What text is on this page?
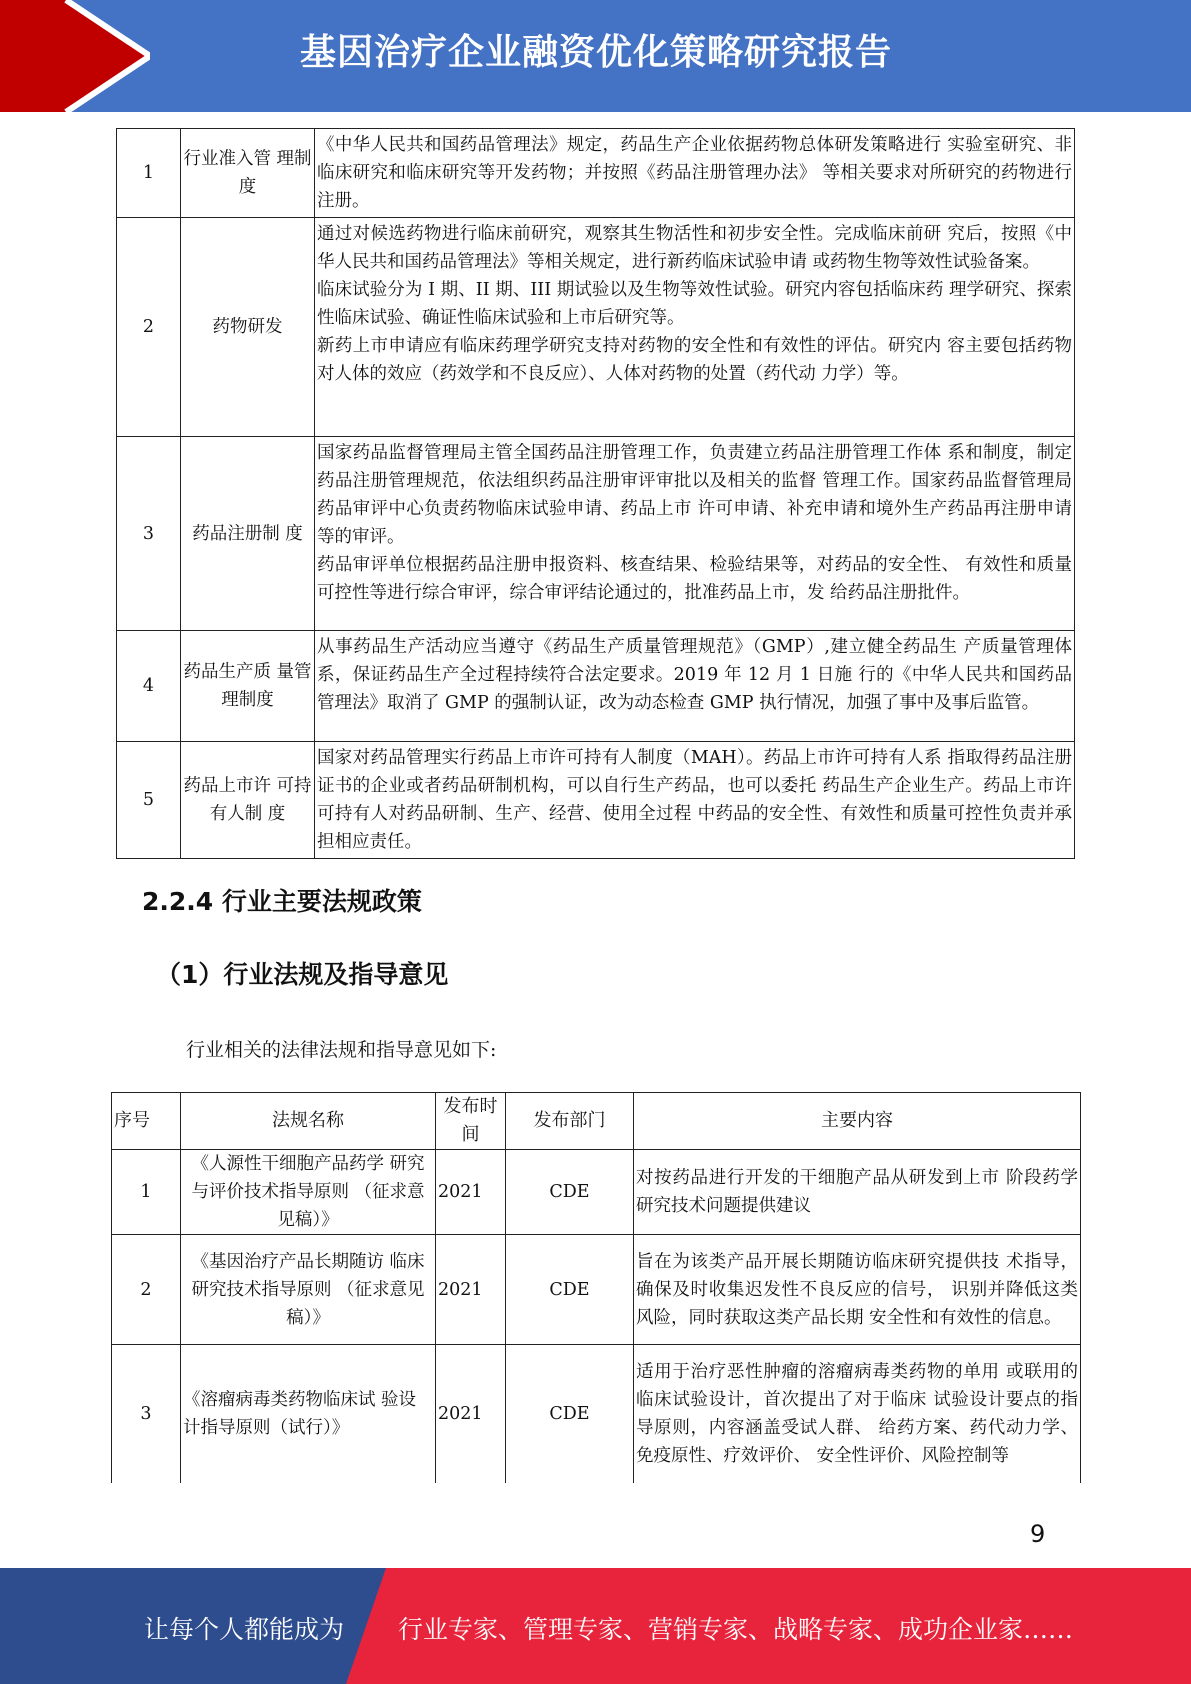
基因治疗企业融资优化策略研究报告
1	行业准入管 理制度	《中华人民共和国药品管理法》规定，药品生产企业依据药物总体研发策略进行 实验室研究、非临床研究和临床研究等开发药物；并按照《药品注册管理办法》 等相关要求对所研究的药物进行注册。

2	药物研发	通过对候选药物进行临床前研究，观察其生物活性和初步安全性。完成临床前研 究后，按照《中华人民共和国药品管理法》等相关规定，进行新药临床试验申请 或药物生物等效性试验备案。

临床试验分为 I 期、II 期、III 期试验以及生物等效性试验。研究内容包括临床药 理学研究、探索性临床试验、确证性临床试验和上市后研究等。

新药上市申请应有临床药理学研究支持对药物的安全性和有效性的评估。研究内 容主要包括药物对人体的效应（药效学和不良反应）、人体对药物的处置（药代动 力学）等。

3	药品注册制 度	国家药品监督管理局主管全国药品注册管理工作，负责建立药品注册管理工作体 系和制度，制定药品注册管理规范，依法组织药品注册审评审批以及相关的监督 管理工作。国家药品监督管理局药品审评中心负责药物临床试验申请、药品上市 许可申请、补充申请和境外生产药品再注册申请等的审评。

药品审评单位根据药品注册申报资料、核查结果、检验结果等，对药品的安全性、 有效性和质量可控性等进行综合审评，综合审评结论通过的，批准药品上市，发 给药品注册批件。

4	药品生产质 量管理制度	从事药品生产活动应当遵守《药品生产质量管理规范》（GMP）,建立健全药品生 产质量管理体系，保证药品生产全过程持续符合法定要求。2019 年 12 月 1 日施 行的《中华人民共和国药品管理法》取消了 GMP 的强制认证，改为动态检查 GMP 执行情况，加强了事中及事后监管。

5	药品上市许 可持有人制 度	国家对药品管理实行药品上市许可持有人制度（MAH）。药品上市许可持有人系 指取得药品注册证书的企业或者药品研制机构，可以自行生产药品，也可以委托 药品生产企业生产。药品上市许可持有人对药品研制、生产、经营、使用全过程 中药品的安全性、有效性和质量可控性负责并承担相应责任。

2.2.4 行业主要法规政策
（1）行业法规及指导意见
行业相关的法律法规和指导意见如下:
序号	法规名称	发布时间	发布部门	主要内容
1	《人源性干细胞产品药学 研究与评价技术指导原则 （征求意见稿）》	2021	CDE	对按药品进行开发的干细胞产品从研发到上市 阶段药学研究技术问题提供建议
2	《基因治疗产品长期随访 临床研究技术指导原则 （征求意见稿）》	2021	CDE	旨在为该类产品开展长期随访临床研究提供技 术指导，确保及时收集迟发性不良反应的信号， 识别并降低这类风险，同时获取这类产品长期 安全性和有效性的信息。
3	《溶瘤病毒类药物临床试 验设计指导原则（试行）》	2021	CDE	适用于治疗恶性肿瘤的溶瘤病毒类药物的单用 或联用的临床试验设计，首次提出了对于临床 试验设计要点的指导原则，内容涵盖受试人群、 给药方案、药代动力学、免疫原性、疗效评价、 安全性评价、风险控制等
9
让每个人都能成为 行业专家、管理专家、营销专家、战略专家、成功企业家……
